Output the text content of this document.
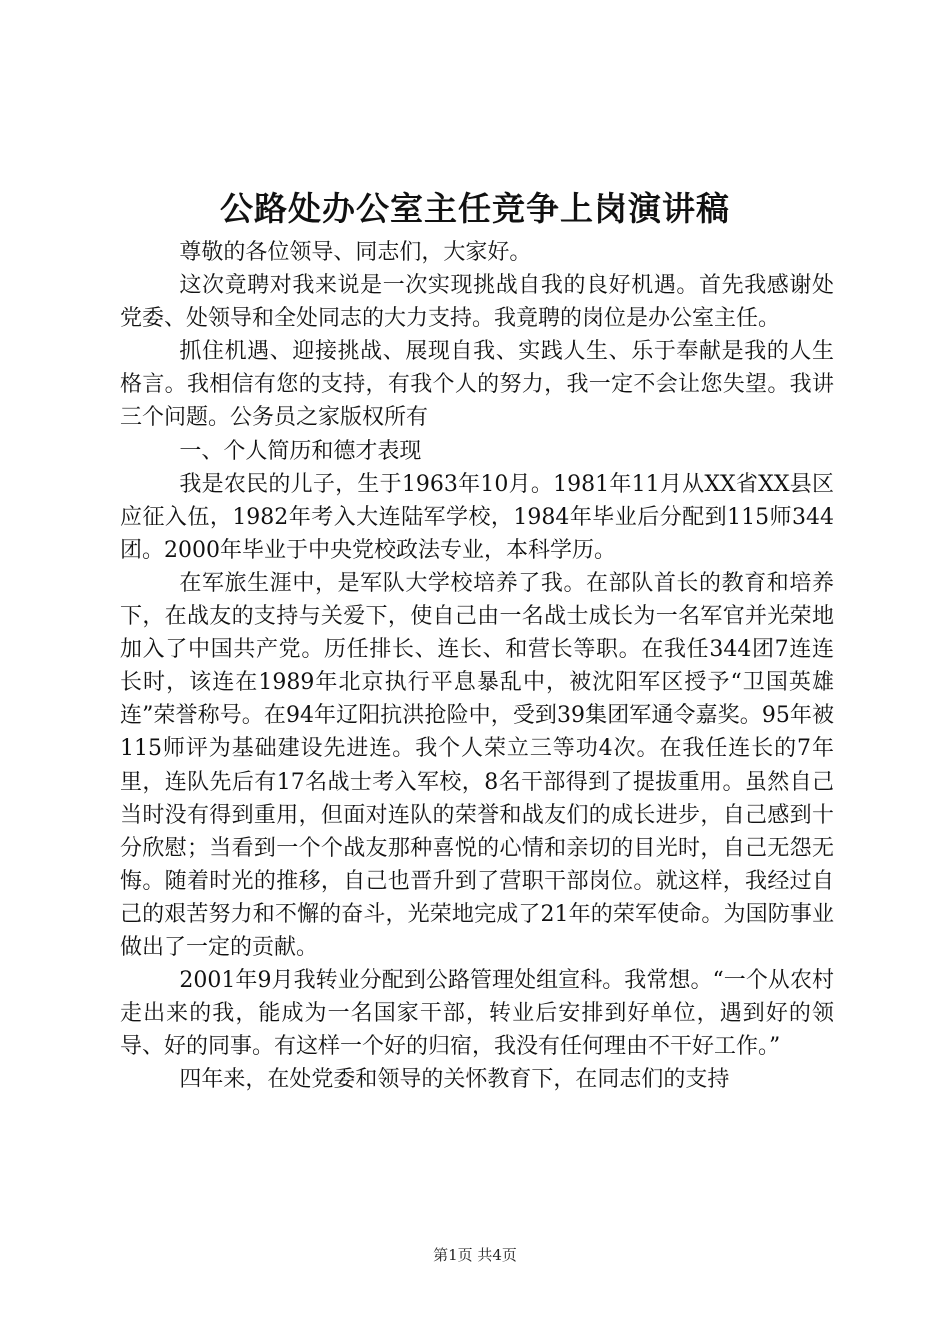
公路处办公室主任竞争上岗演讲稿

尊敬的各位领导、同志们，大家好。

这次竟聘对我来说是一次实现挑战自我的良好机遇。首先我感谢处党委、处领导和全处同志的大力支持。我竟聘的岗位是办公室主任。

抓住机遇、迎接挑战、展现自我、实践人生、乐于奉献是我的人生格言。我相信有您的支持，有我个人的努力，我一定不会让您失望。我讲三个问题。公务员之家版权所有

一、个人简历和德才表现

我是农民的儿子，生于1963年10月。1981年11月从XX省XX县区应征入伍，1982年考入大连陆军学校，1984年毕业后分配到115师344团。2000年毕业于中央党校政法专业，本科学历。

在军旅生涯中，是军队大学校培养了我。在部队首长的教育和培养下，在战友的支持与关爱下，使自己由一名战士成长为一名军官并光荣地加入了中国共产党。历任排长、连长、和营长等职。在我任344团7连连长时，该连在1989年北京执行平息暴乱中，被沈阳军区授予“卫国英雄连”荣誉称号。在94年辽阳抗洪抢险中，受到39集团军通令嘉奖。95年被115师评为基础建设先进连。我个人荣立三等功4次。在我任连长的7年里，连队先后有17名战士考入军校，8名干部得到了提拔重用。虽然自己当时没有得到重用，但面对连队的荣誉和战友们的成长进步，自己感到十分欣慰；当看到一个个战友那种喜悦的心情和亲切的目光时，自己无怨无悔。随着时光的推移，自己也晋升到了营职干部岗位。就这样，我经过自己的艰苦努力和不懈的奋斗，光荣地完成了21年的荣军使命。为国防事业做出了一定的贡献。

2001年9月我转业分配到公路管理处组宣科。我常想。“一个从农村走出来的我，能成为一名国家干部，转业后安排到好单位，遇到好的领导、好的同事。有这样一个好的归宿，我没有任何理由不干好工作。”

四年来，在处党委和领导的关怀教育下，在同志们的支持

第1页 共4页
